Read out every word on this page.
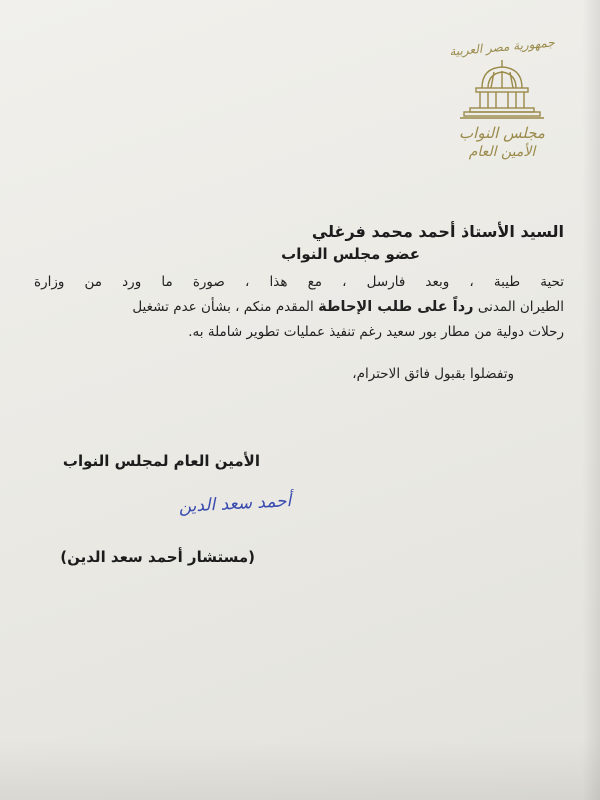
جمهورية مصر العربية
مجلس النواب
الأمين العام
السيد الأستاذ أحمد محمد فرغلي
عضو مجلس النواب
تحية طيبة ، وبعد فارسل ، مع هذا ، صورة ما ورد من وزارة
الطيران المدنى رداً على طلب الإحاطة المقدم منكم ، بشأن عدم تشغيل
رحلات دولية من مطار بور سعيد رغم تنفيذ عمليات تطوير شاملة به.
وتفضلوا بقبول فائق الاحترام،
الأمين العام لمجلس النواب
أحمد سعد الدين
(مستشار أحمد سعد الدين)
